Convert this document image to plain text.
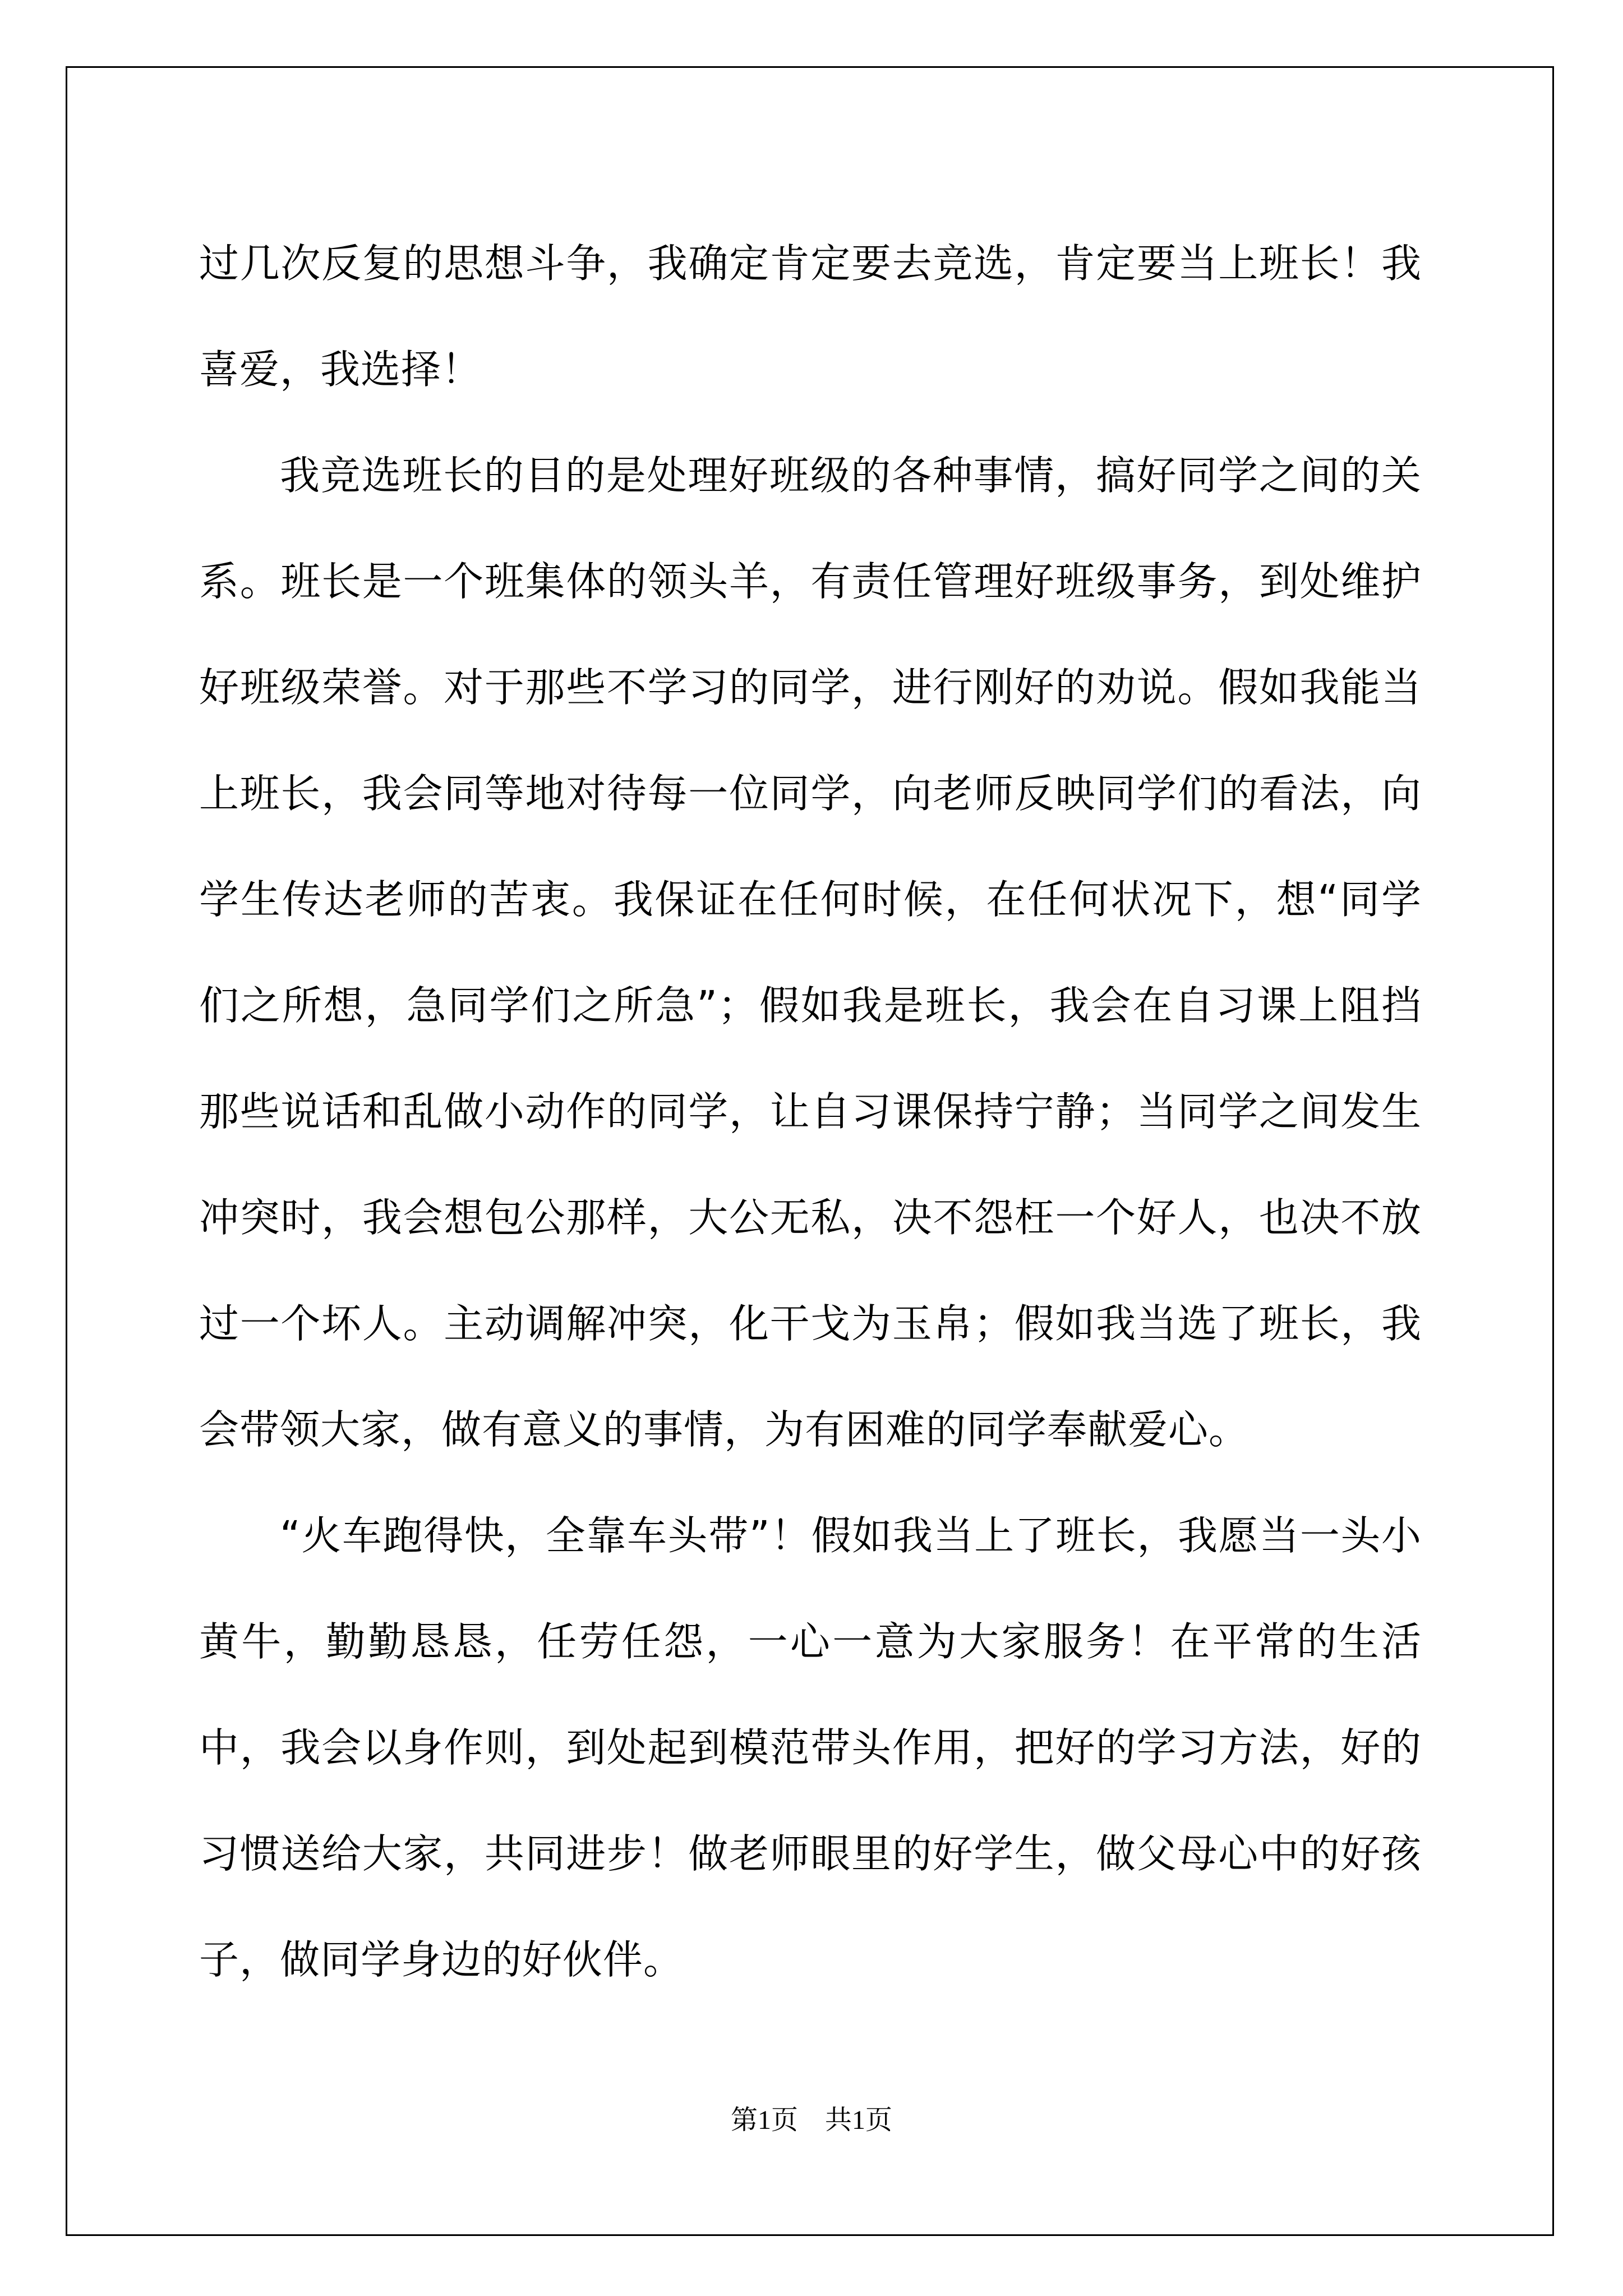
过几次反复的思想斗争，我确定肯定要去竞选，肯定要当上班长！我喜爱，我选择！

我竞选班长的目的是处理好班级的各种事情，搞好同学之间的关系。班长是一个班集体的领头羊，有责任管理好班级事务，到处维护好班级荣誉。对于那些不学习的同学，进行刚好的劝说。假如我能当上班长，我会同等地对待每一位同学，向老师反映同学们的看法，向学生传达老师的苦衷。我保证在任何时候，在任何状况下，想“同学们之所想，急同学们之所急”；假如我是班长，我会在自习课上阻挡那些说话和乱做小动作的同学，让自习课保持宁静；当同学之间发生冲突时，我会想包公那样，大公无私，决不怨枉一个好人，也决不放过一个坏人。主动调解冲突，化干戈为玉帛；假如我当选了班长，我会带领大家，做有意义的事情，为有困难的同学奉献爱心。

“火车跑得快，全靠车头带”！假如我当上了班长，我愿当一头小黄牛，勤勤恳恳，任劳任怨，一心一意为大家服务！在平常的生活中，我会以身作则，到处起到模范带头作用，把好的学习方法，好的习惯送给大家，共同进步！做老师眼里的好学生，做父母心中的好孩子，做同学身边的好伙伴。

第1页　共1页
